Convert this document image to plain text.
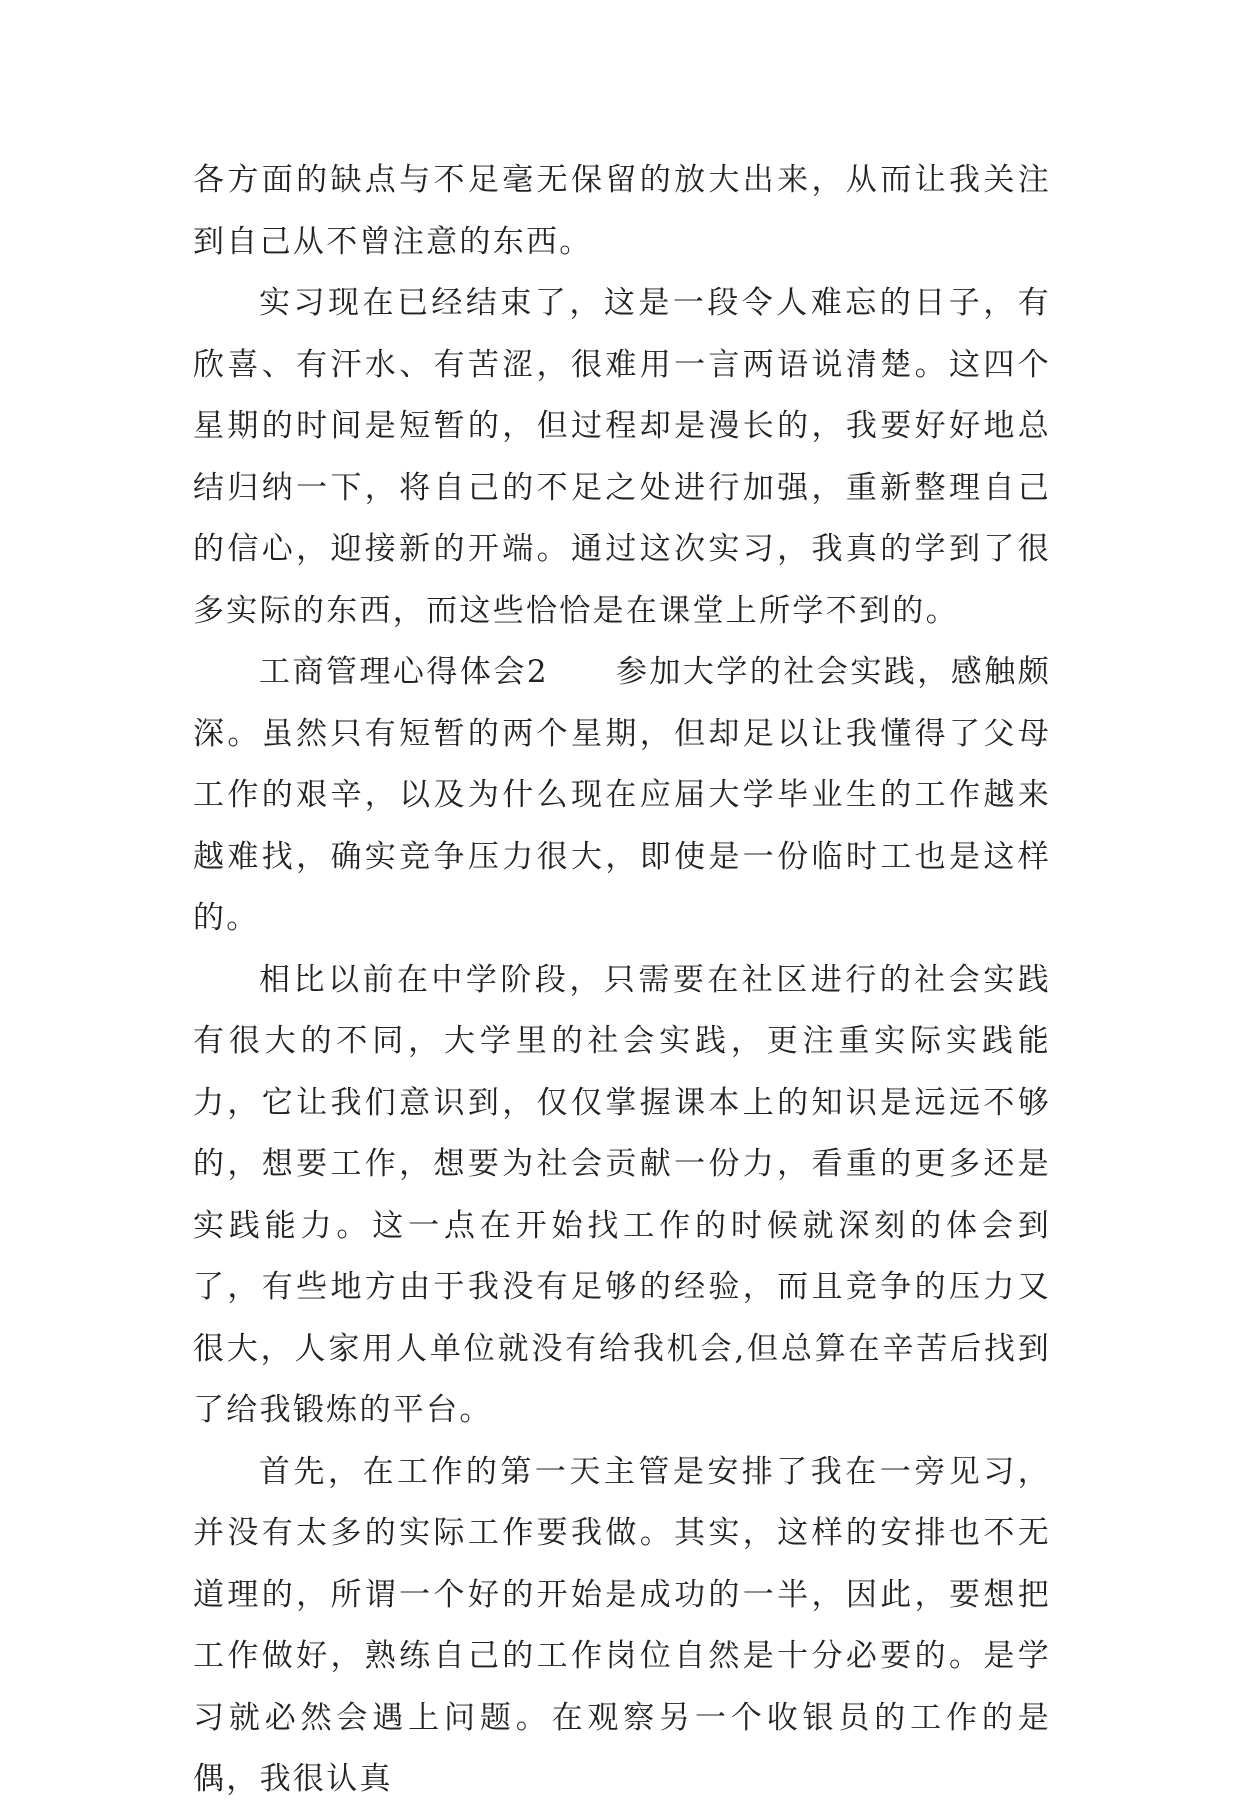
各方面的缺点与不足毫无保留的放大出来，从而让我关注到自己从不曾注意的东西。

实习现在已经结束了，这是一段令人难忘的日子，有欣喜、有汗水、有苦涩，很难用一言两语说清楚。这四个星期的时间是短暂的，但过程却是漫长的，我要好好地总结归纳一下，将自己的不足之处进行加强，重新整理自己的信心，迎接新的开端。通过这次实习，我真的学到了很多实际的东西，而这些恰恰是在课堂上所学不到的。

工商管理心得体会2　　参加大学的社会实践，感触颇深。虽然只有短暂的两个星期，但却足以让我懂得了父母工作的艰辛，以及为什么现在应届大学毕业生的工作越来越难找，确实竞争压力很大，即使是一份临时工也是这样的。

相比以前在中学阶段，只需要在社区进行的社会实践有很大的不同，大学里的社会实践，更注重实际实践能力，它让我们意识到，仅仅掌握课本上的知识是远远不够的，想要工作，想要为社会贡献一份力，看重的更多还是实践能力。这一点在开始找工作的时候就深刻的体会到了，有些地方由于我没有足够的经验，而且竞争的压力又很大，人家用人单位就没有给我机会,但总算在辛苦后找到了给我锻炼的平台。

首先，在工作的第一天主管是安排了我在一旁见习，并没有太多的实际工作要我做。其实，这样的安排也不无道理的，所谓一个好的开始是成功的一半，因此，要想把工作做好，熟练自己的工作岗位自然是十分必要的。是学习就必然会遇上问题。在观察另一个收银员的工作的是偶，我很认真
